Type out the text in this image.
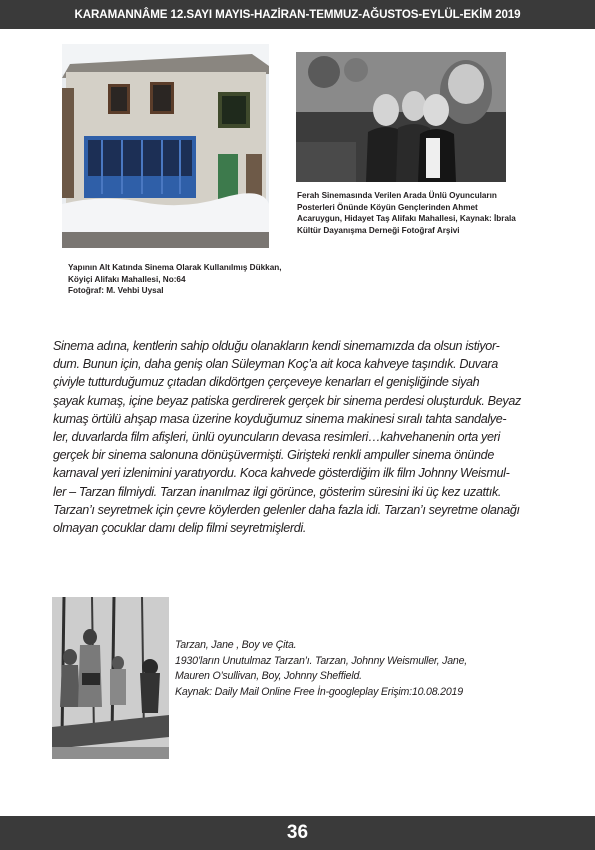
KARAMANNÂME 12.SAYI MAYIS-HAZİRAN-TEMMUZ-AĞUSTOS-EYLÜL-EKİM 2019
Ferah Sinemasında Verilen Arada Ünlü Oyuncuların
Posterleri Önünde Köyün Gençlerinden Ahmet
Acaruygun, Hidayet Taş Alifakı Mahallesi, Kaynak: İbrala
Kültür Dayanışma Derneği Fotoğraf Arşivi
Yapının Alt Katında Sinema Olarak Kullanılmış Dükkan,
Köyiçi Alifakı Mahallesi, No:64
Fotoğraf: M. Vehbi Uysal
Sinema adına, kentlerin sahip olduğu olanakların kendi sinemamızda da olsun istiyor-
dum. Bunun için, daha geniş olan Süleyman Koç’a ait koca kahveye taşındık. Duvara
çiviyle tutturduğumuz çıtadan dikdörtgen çerçeveye kenarları el genişliğinde siyah
şayak kumaş, içine beyaz patiska gerdirerek gerçek bir sinema perdesi oluşturduk. Beyaz
kumaş örtülü ahşap masa üzerine koyduğumuz sinema makinesi sıralı tahta sandalye-
ler, duvarlarda film afişleri, ünlü oyuncuların devasa resimleri…kahvehanenin orta yeri
gerçek bir sinema salonuna dönüşüvermişti. Girişteki renkli ampuller sinema önünde
karnaval yeri izlenimini yaratıyordu. Koca kahvede gösterdiğim ilk film Johnny Weismul-
ler – Tarzan filmiydi. Tarzan inanılmaz ilgi görünce, gösterim süresini iki üç kez uzattık.
Tarzan’ı seyretmek için çevre köylerden gelenler daha fazla idi. Tarzan’ı seyretme olanağı
olmayan çocuklar damı delip filmi seyretmişlerdi.
Tarzan, Jane , Boy ve Çita.
1930’ların Unutulmaz Tarzan’ı. Tarzan, Johnny Weismuller, Jane,
Mauren O’sullivan, Boy, Johnny Sheffield.
Kaynak: Daily Mail Online Free İn-googleplay Erişim:10.08.2019
36
